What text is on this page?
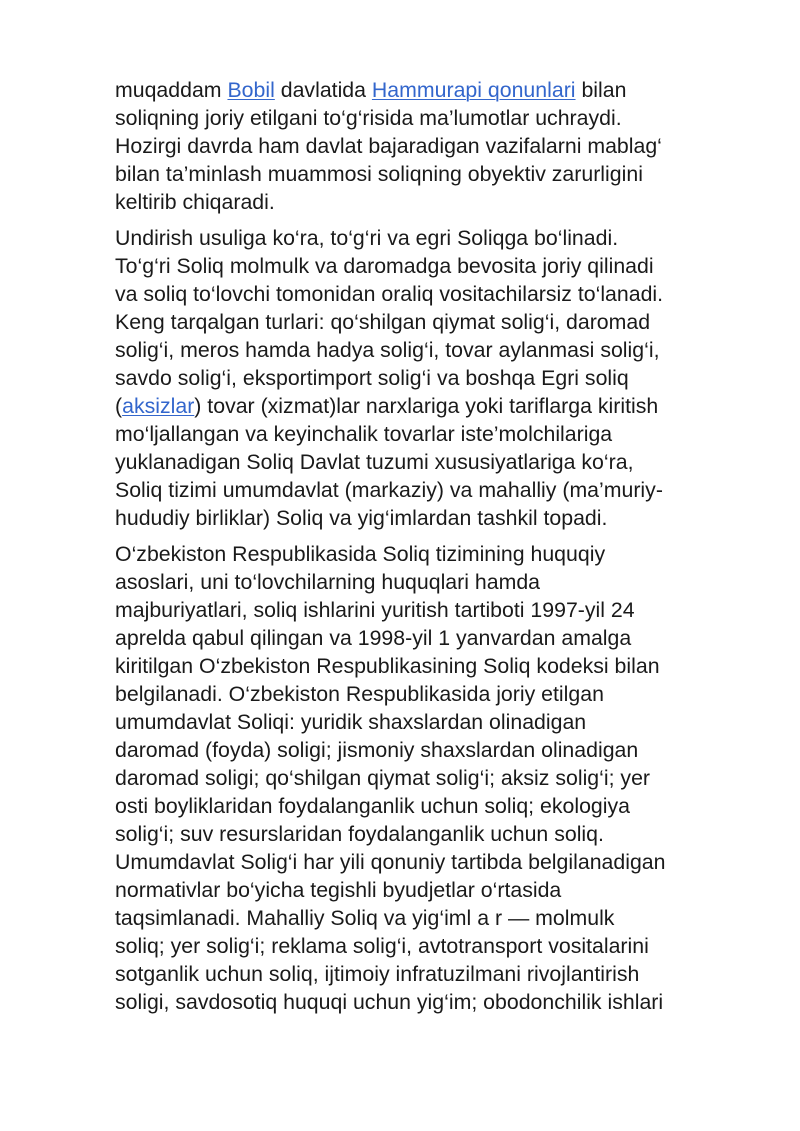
muqaddam Bobil davlatida Hammurapi qonunlari bilan
soliqning joriy etilgani to‘g‘risida ma’lumotlar uchraydi.
Hozirgi davrda ham davlat bajaradigan vazifalarni mablag‘
bilan ta’minlash muammosi soliqning obyektiv zarurligini
keltirib chiqaradi.
Undirish usuliga ko‘ra, to‘g‘ri va egri Soliqga bo‘linadi.
To‘g‘ri Soliq molmulk va daromadga bevosita joriy qilinadi
va soliq to‘lovchi tomonidan oraliq vositachilarsiz to‘lanadi.
Keng tarqalgan turlari: qo‘shilgan qiymat solig‘i, daromad
solig‘i, meros hamda hadya solig‘i, tovar aylanmasi solig‘i,
savdo solig‘i, eksportimport solig‘i va boshqa Egri soliq
(aksizlar) tovar (xizmat)lar narxlariga yoki tariflarga kiritish
mo‘ljallangan va keyinchalik tovarlar iste’molchilariga
yuklanadigan Soliq Davlat tuzumi xususiyatlariga ko‘ra,
Soliq tizimi umumdavlat (markaziy) va mahalliy (ma’muriy-
hududiy birliklar) Soliq va yig‘imlardan tashkil topadi.
O‘zbekiston Respublikasida Soliq tizimining huquqiy
asoslari, uni to‘lovchilarning huquqlari hamda
majburiyatlari, soliq ishlarini yuritish tartiboti 1997-yil 24
aprelda qabul qilingan va 1998-yil 1 yanvardan amalga
kiritilgan O‘zbekiston Respublikasining Soliq kodeksi bilan
belgilanadi. O‘zbekiston Respublikasida joriy etilgan
umumdavlat Soliqi: yuridik shaxslardan olinadigan
daromad (foyda) soligi; jismoniy shaxslardan olinadigan
daromad soligi; qo‘shilgan qiymat solig‘i; aksiz solig‘i; yer
osti boyliklaridan foydalanganlik uchun soliq; ekologiya
solig‘i; suv resurslaridan foydalanganlik uchun soliq.
Umumdavlat Solig‘i har yili qonuniy tartibda belgilanadigan
normativlar bo‘yicha tegishli byudjetlar o‘rtasida
taqsimlanadi. Mahalliy Soliq va yig‘iml a r — molmulk
soliq; yer solig‘i; reklama solig‘i, avtotransport vositalarini
sotganlik uchun soliq, ijtimoiy infratuzilmani rivojlantirish
soligi, savdosotiq huquqi uchun yig‘im; obodonchilik ishlari
